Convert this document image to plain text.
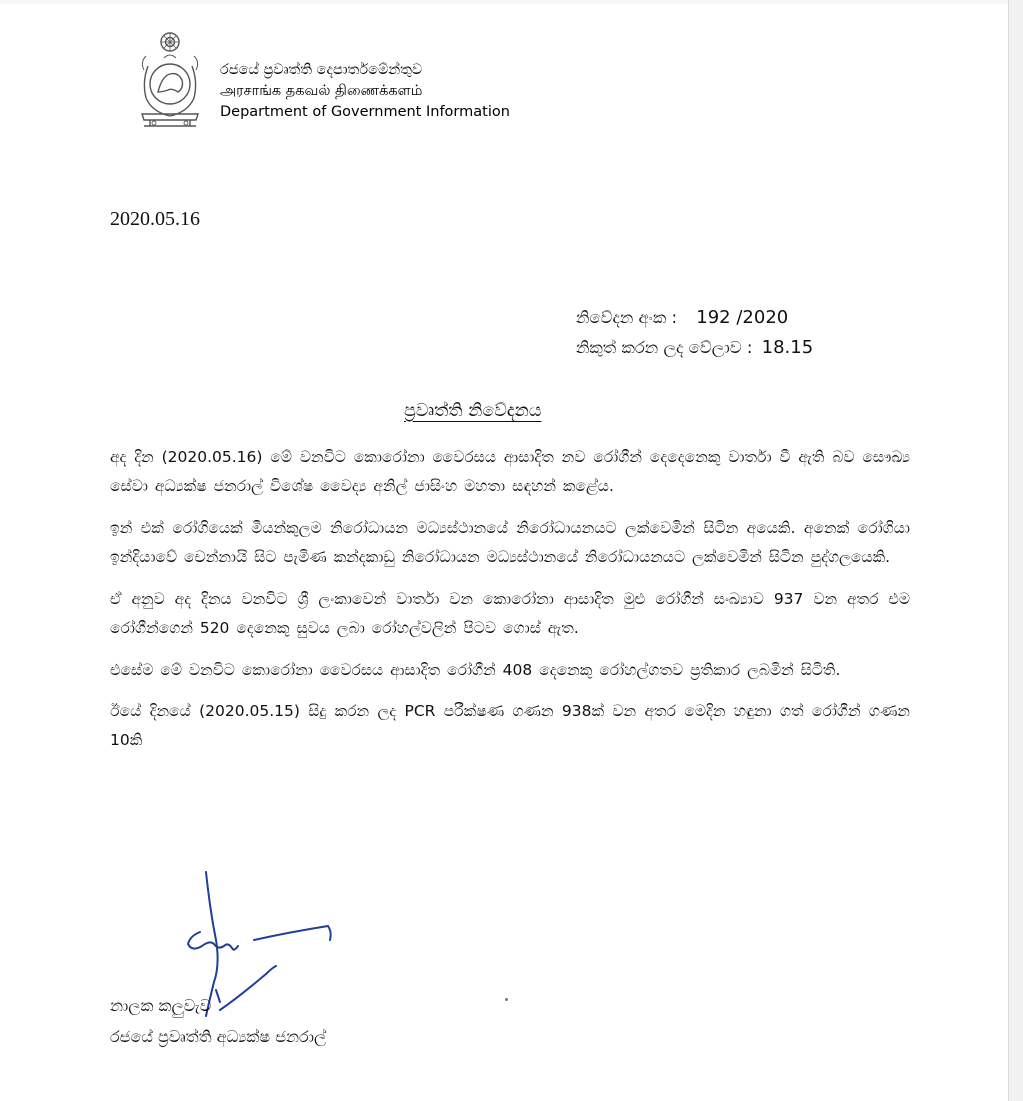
රජයේ ප්‍රවෘත්ති දෙපාර්තමේන්තුව
அரசாங்க தகவல் திணைக்களம்
Department of Government Information
2020.05.16
නිවේදන අංක : 192 /2020
නිකුත් කරන ලද වේලාව : 18.15
ප්‍රවෘත්ති නිවේදනය

අද දින (2020.05.16) මේ වනවිට කොරෝනා වෛරසය ආසාදිත නව රෝගීන් දෙදෙනෙකු වාර්තා වී ඇති බව සෞඛ්‍ය සේවා අධ්‍යක්ෂ ජනරාල් විශේෂ වෛද්‍ය අනිල් ජාසිංහ මහතා සඳහන් කළේය.

ඉන් එක් රෝගියෙක් මීයන්කුලම නිරෝධායන මධ්‍යස්ථානයේ නිරෝධායනයට ලක්වෙමින් සිටින අයෙකි. අනෙක් රෝගියා ඉන්දියාවේ චෙන්නායි සිට පැමිණ කන්දකාඩු නිරෝධායන මධ්‍යස්ථානයේ නිරෝධායනයට ලක්වෙමින් සිටින පුද්ගලයෙකි.

ඒ අනුව අද දිනය වනවිට ශ්‍රී ලංකාවෙන් වාර්තා වන කොරෝනා ආසාදිත මුළු රෝගීන් සංඛ්‍යාව 937 වන අතර එම රෝගීන්ගෙන් 520 දෙනෙකු සුවය ලබා රෝහල්වලින් පිටව ගොස් ඇත.

එසේම මේ වනවිට කොරෝනා වෛරසය ආසාදිත රෝගීන් 408 දෙනෙකු රෝහල්ගතව ප්‍රතිකාර ලබමින් සිටිති.

ඊයේ දිනයේ (2020.05.15) සිදු කරන ලද PCR පරීක්ෂණ ගණන 938ක් වන අතර මෙදින හඳුනා ගත් රෝගීන් ගණන 10කි

නාලක කලුවැව
රජයේ ප්‍රවෘත්ති අධ්‍යක්ෂ ජනරාල්
